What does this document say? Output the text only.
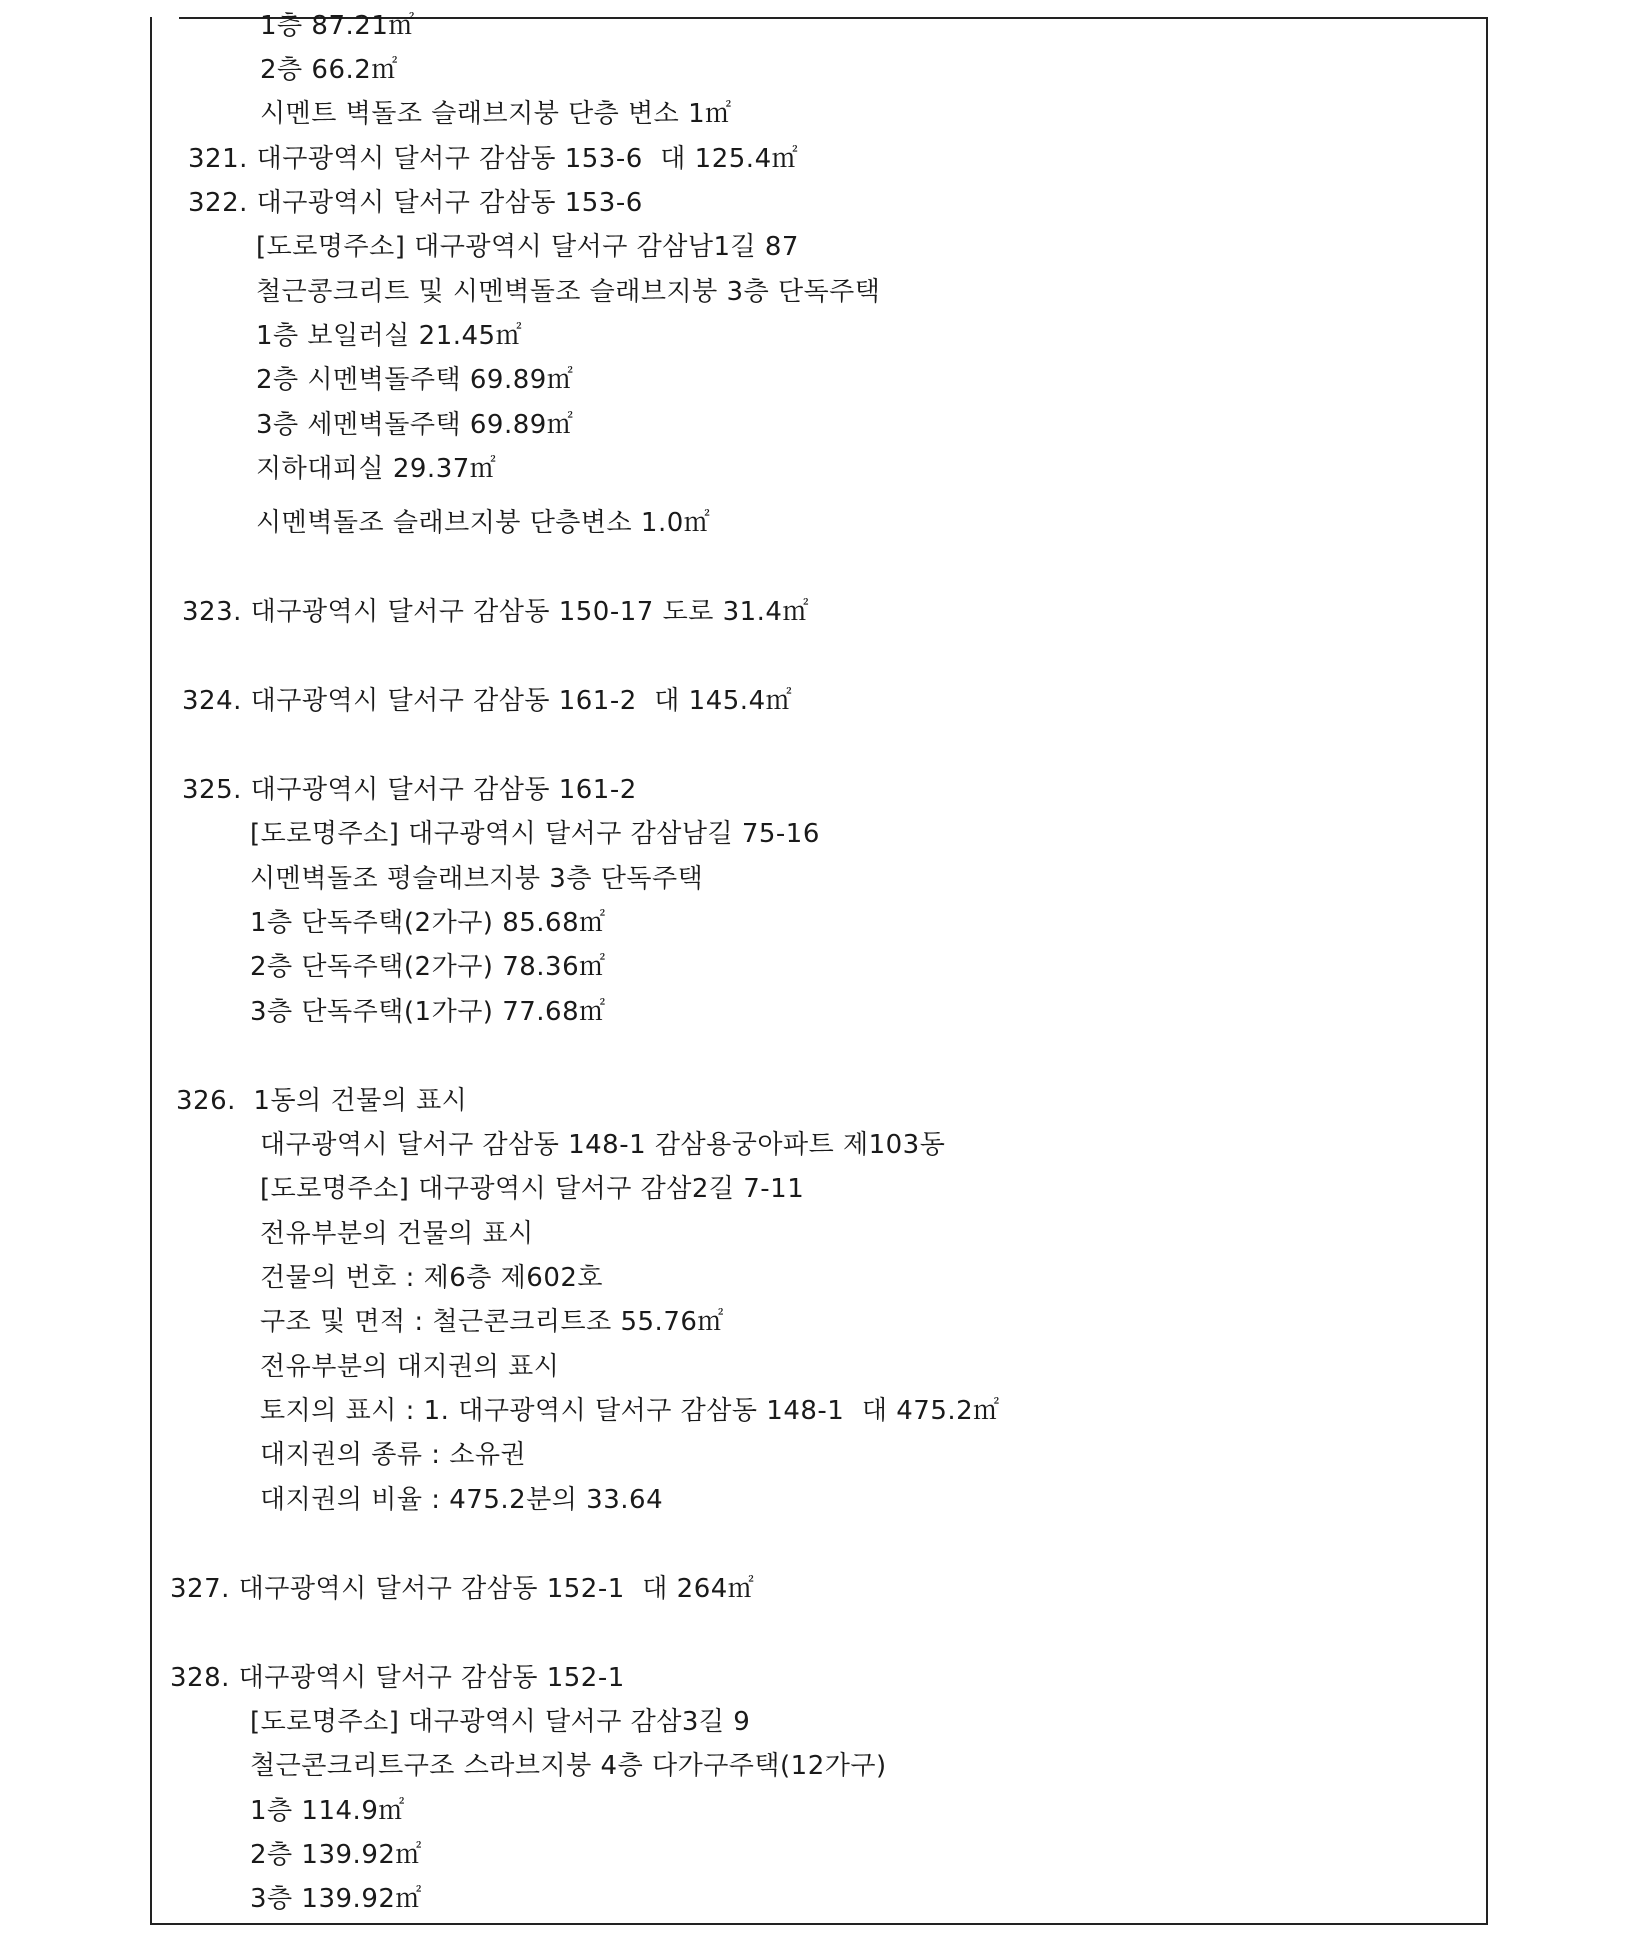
1층 87.21㎡
2층 66.2㎡
시멘트 벽돌조 슬래브지붕 단층 변소 1㎡
321. 대구광역시 달서구 감삼동 153-6  대 125.4㎡
322. 대구광역시 달서구 감삼동 153-6
[도로명주소] 대구광역시 달서구 감삼남1길 87
철근콩크리트 및 시멘벽돌조 슬래브지붕 3층 단독주택
1층 보일러실 21.45㎡
2층 시멘벽돌주택 69.89㎡
3층 세멘벽돌주택 69.89㎡
지하대피실 29.37㎡
시멘벽돌조 슬래브지붕 단층변소 1.0㎡
323. 대구광역시 달서구 감삼동 150-17 도로 31.4㎡
324. 대구광역시 달서구 감삼동 161-2  대 145.4㎡
325. 대구광역시 달서구 감삼동 161-2
[도로명주소] 대구광역시 달서구 감삼남길 75-16
시멘벽돌조 평슬래브지붕 3층 단독주택
1층 단독주택(2가구) 85.68㎡
2층 단독주택(2가구) 78.36㎡
3층 단독주택(1가구) 77.68㎡
326.  1동의 건물의 표시
대구광역시 달서구 감삼동 148-1 감삼용궁아파트 제103동
[도로명주소] 대구광역시 달서구 감삼2길 7-11
전유부분의 건물의 표시
건물의 번호 : 제6층 제602호
구조 및 면적 : 철근콘크리트조 55.76㎡
전유부분의 대지권의 표시
토지의 표시 : 1. 대구광역시 달서구 감삼동 148-1  대 475.2㎡
대지권의 종류 : 소유권
대지권의 비율 : 475.2분의 33.64
327. 대구광역시 달서구 감삼동 152-1  대 264㎡
328. 대구광역시 달서구 감삼동 152-1
[도로명주소] 대구광역시 달서구 감삼3길 9
철근콘크리트구조 스라브지붕 4층 다가구주택(12가구)
1층 114.9㎡
2층 139.92㎡
3층 139.92㎡
